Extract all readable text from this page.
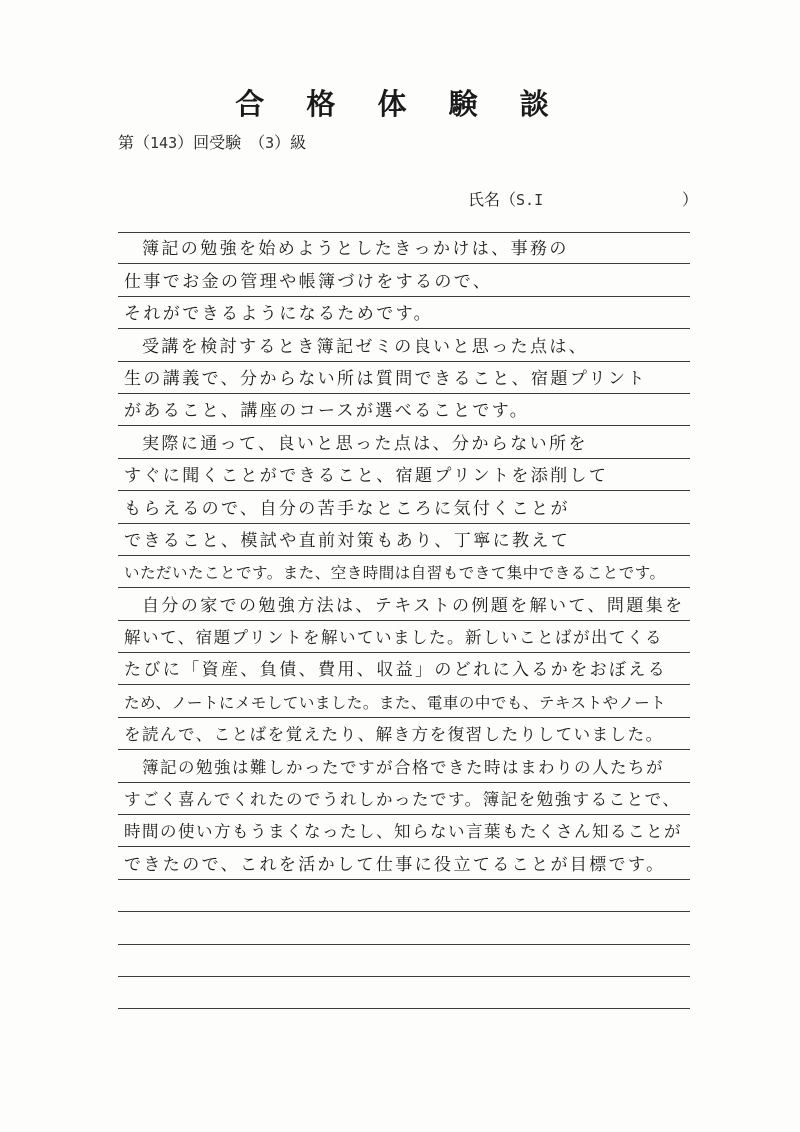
合 格 体 験 談
第（143）回受験　（3）級
氏名（S.I	）
簿記の勉強を始めようとしたきっかけは、事務の
仕事でお金の管理や帳簿づけをするので、
それができるようになるためです。
受講を検討するとき簿記ゼミの良いと思った点は、
生の講義で、分からない所は質問できること、宿題プリント
があること、講座のコースが選べることです。
実際に通って、良いと思った点は、分からない所を
すぐに聞くことができること、宿題プリントを添削して
もらえるので、自分の苦手なところに気付くことが
できること、模試や直前対策もあり、丁寧に教えて
いただいたことです。また、空き時間は自習もできて集中できることです。
自分の家での勉強方法は、テキストの例題を解いて、問題集を
解いて、宿題プリントを解いていました。新しいことばが出てくる
たびに「資産、負債、費用、収益」のどれに入るかをおぼえる
ため、ノートにメモしていました。また、電車の中でも、テキストやノート
を読んで、ことばを覚えたり、解き方を復習したりしていました。
簿記の勉強は難しかったですが合格できた時はまわりの人たちが
すごく喜んでくれたのでうれしかったです。簿記を勉強することで、
時間の使い方もうまくなったし、知らない言葉もたくさん知ることが
できたので、これを活かして仕事に役立てることが目標です。
